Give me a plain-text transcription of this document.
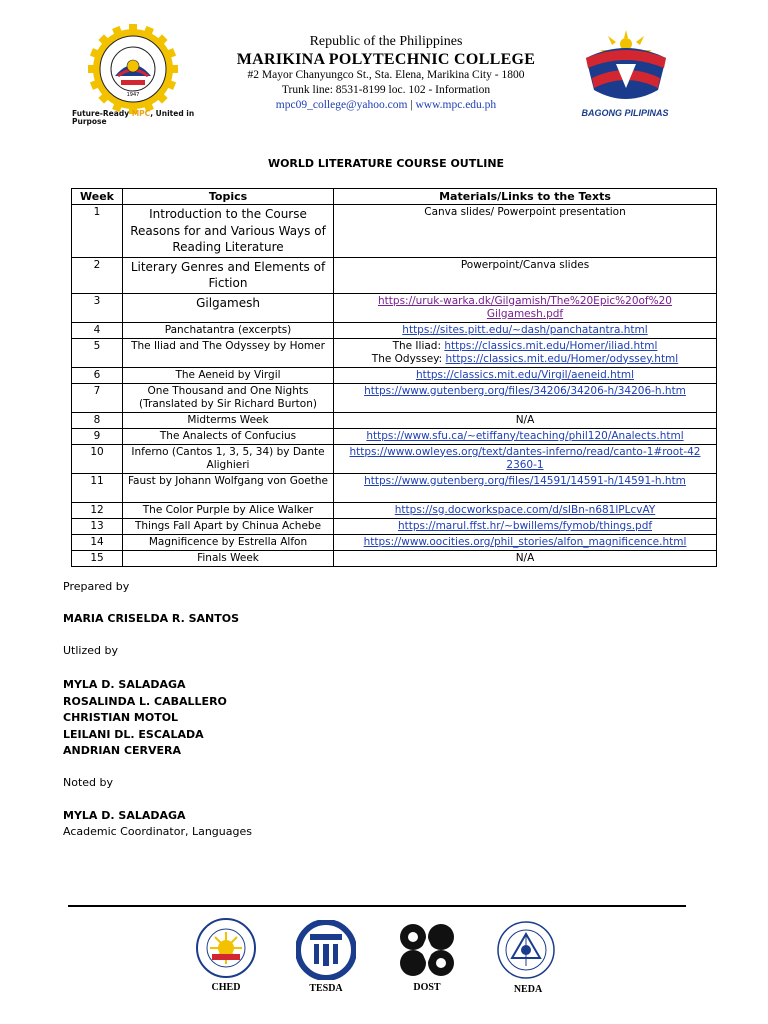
1947
Future-Ready MPC, United in Purpose
Republic of the Philippines
MARIKINA POLYTECHNIC COLLEGE
#2 Mayor Chanyungco St., Sta. Elena, Marikina City - 1800
Trunk line: 8531-8199 loc. 102 - Information
mpc09_college@yahoo.com | www.mpc.edu.ph
BAGONG PILIPINAS
WORLD LITERATURE COURSE OUTLINE
Week	Topics	Materials/Links to the Texts
1	Introduction to the Course Reasons for and Various Ways of Reading Literature	Canva slides/ Powerpoint presentation
2	Literary Genres and Elements of Fiction	Powerpoint/Canva slides
3	Gilgamesh	https://uruk-warka.dk/Gilgamish/The%20Epic%20of%20Gilgamesh.pdf
4	Panchatantra (excerpts)	https://sites.pitt.edu/~dash/panchatantra.html
5	The Iliad and The Odyssey by Homer	The Iliad: https://classics.mit.edu/Homer/iliad.html
The Odyssey: https://classics.mit.edu/Homer/odyssey.html

6	The Aeneid by Virgil	https://classics.mit.edu/Virgil/aeneid.html
7	One Thousand and One Nights (Translated by Sir Richard Burton)	https://www.gutenberg.org/files/34206/34206-h/34206-h.htm
8	Midterms Week	N/A
9	The Analects of Confucius	https://www.sfu.ca/~etiffany/teaching/phil120/Analects.html
10	Inferno (Cantos 1, 3, 5, 34) by Dante Alighieri	https://www.owleyes.org/text/dantes-inferno/read/canto-1#root-422360-1
11	Faust by Johann Wolfgang von Goethe	https://www.gutenberg.org/files/14591/14591-h/14591-h.htm
12	The Color Purple by Alice Walker	https://sg.docworkspace.com/d/sIBn-n681lPLcvAY
13	Things Fall Apart by Chinua Achebe	https://marul.ffst.hr/~bwillems/fymob/things.pdf
14	Magnificence by Estrella Alfon	https://www.oocities.org/phil_stories/alfon_magnificence.html
15	Finals Week	N/A
Prepared by
MARIA CRISELDA R. SANTOS
Utlized by
MYLA D. SALADAGA
ROSALINDA L. CABALLERO
CHRISTIAN MOTOL
LEILANI DL. ESCALADA
ANDRIAN CERVERA
Noted by
MYLA D. SALADAGA
Academic Coordinator, Languages
CHED	TESDA	DOST	NEDA
